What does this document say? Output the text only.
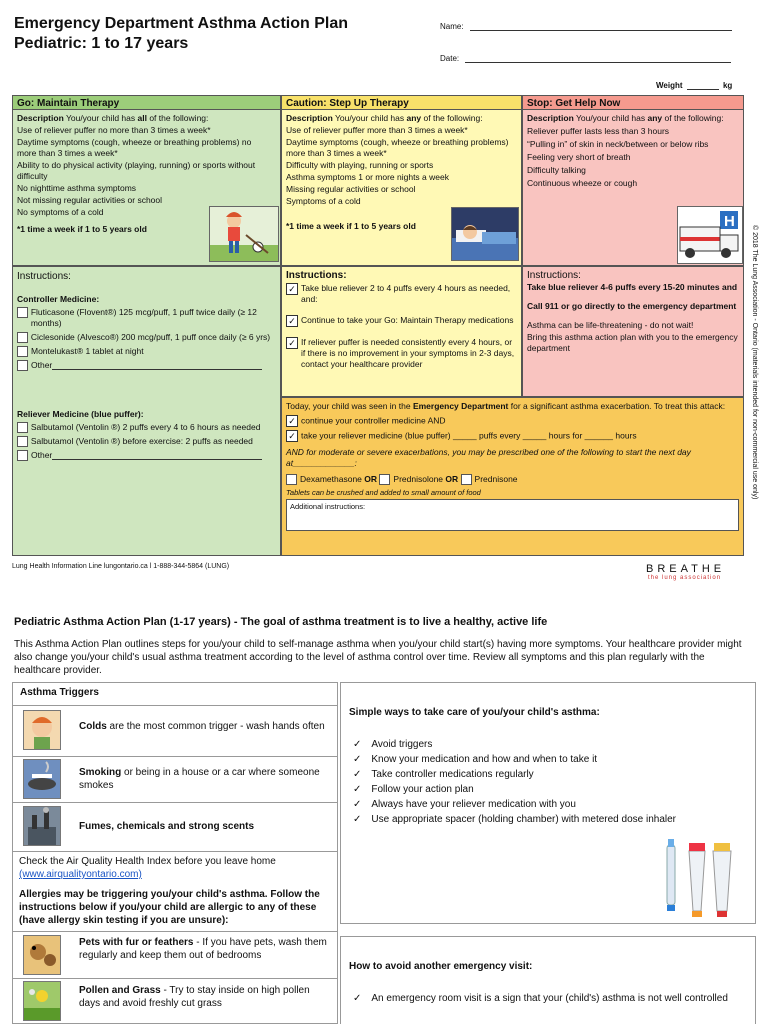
Emergency Department Asthma Action Plan
Pediatric: 1 to 17 years
Name:
Date:
Weight	kg
Go: Maintain Therapy
Description You/your child has all of the following:
Use of reliever puffer no more than 3 times a week*
Daytime symptoms (cough, wheeze or breathing problems) no more than 3 times a week*
Ability to do physical activity (playing, running) or sports without difficulty
No nighttime asthma symptoms
Not missing regular activities or school
No symptoms of a cold
*1 time a week if 1 to 5 years old
Caution: Step Up Therapy
Description You/your child has any of the following:
Use of reliever puffer more than 3 times a week*
Daytime symptoms (cough, wheeze or breathing problems) more than 3 times a week*
Difficulty with playing, running or sports
Asthma symptoms 1 or more nights a week
Missing regular activities or school
Symptoms of a cold
*1 time a week if 1 to 5 years old
Stop: Get Help Now
Description You/your child has any of the following:
Reliever puffer lasts less than 3 hours
“Pulling in” of skin in neck/between or below ribs
Feeling very short of breath
Difficulty talking
Continuous wheeze or cough
H
Instructions:
Controller Medicine:
Fluticasone (Flovent®) 125 mcg/puff, 1 puff twice daily (≥ 12 months)
Ciclesonide (Alvesco®) 200 mcg/puff, 1 puff once daily (≥ 6 yrs)
Montelukast® 1 tablet at night
Other
Reliever Medicine (blue puffer):
Salbutamol (Ventolin ®) 2 puffs every 4 to 6 hours as needed
Salbutamol (Ventolin ®) before exercise: 2 puffs as needed
Other
Instructions:
✓ Take blue reliever 2 to 4 puffs every 4 hours as needed, and:
✓ Continue to take your Go: Maintain Therapy medications
✓ If reliever puffer is needed consistently every 4 hours, or if there is no improvement in your symptoms in 2-3 days, contact your healthcare provider
Instructions:
Take blue reliever 4-6 puffs every 15-20 minutes and
Call 911 or go directly to the emergency department
Asthma can be life-threatening - do not wait!
Bring this asthma action plan with you to the emergency department
Today, your child was seen in the Emergency Department for a significant asthma exacerbation. To treat this attack:
✓ continue your controller medicine AND
✓ take your reliever medicine (blue puffer) _____ puffs every _____ hours for ______ hours
AND for moderate or severe exacerbations, you may be prescribed one of the following to start the next day at_____________:
Dexamethasone OR Prednisolone OR Prednisone
Tablets can be crushed and added to small amount of food
Additional instructions:
© 2018 The Lung Association - Ontario (materials intended for non-commercial use only)
Lung Health Information Line lungontario.ca l 1-888-344-5864 (LUNG)	BREATHE
the lung association
Pediatric Asthma Action Plan (1-17 years) - The goal of asthma treatment is to live a healthy, active life
This Asthma Action Plan outlines steps for you/your child to self-manage asthma when you/your child start(s) having more symptoms. Your healthcare provider might also change you/your child's usual asthma treatment according to the level of asthma control over time. Review all symptoms and this plan regularly with the healthcare provider.
Asthma Triggers
Colds are the most common trigger - wash hands often
Smoking or being in a house or a car where someone smokes
Fumes, chemicals and strong scents
Check the Air Quality Health Index before you leave home (www.airqualityontario.com)
Allergies may be triggering you/your child's asthma. Follow the instructions below if you/your child are allergic to any of these (have allergy skin testing if you are unsure):
Pets with fur or feathers - If you have pets, wash them regularly and keep them out of bedrooms
Pollen and Grass - Try to stay inside on high pollen days and avoid freshly cut grass
Simple ways to take care of you/your child's asthma:
✓ Avoid triggers
✓ Know your medication and how and when to take it
✓ Take controller medications regularly
✓ Follow your action plan
✓ Always have your reliever medication with you
✓ Use appropriate spacer (holding chamber) with metered dose inhaler
How to avoid another emergency visit:
✓ An emergency room visit is a sign that your (child's) asthma is not well controlled
